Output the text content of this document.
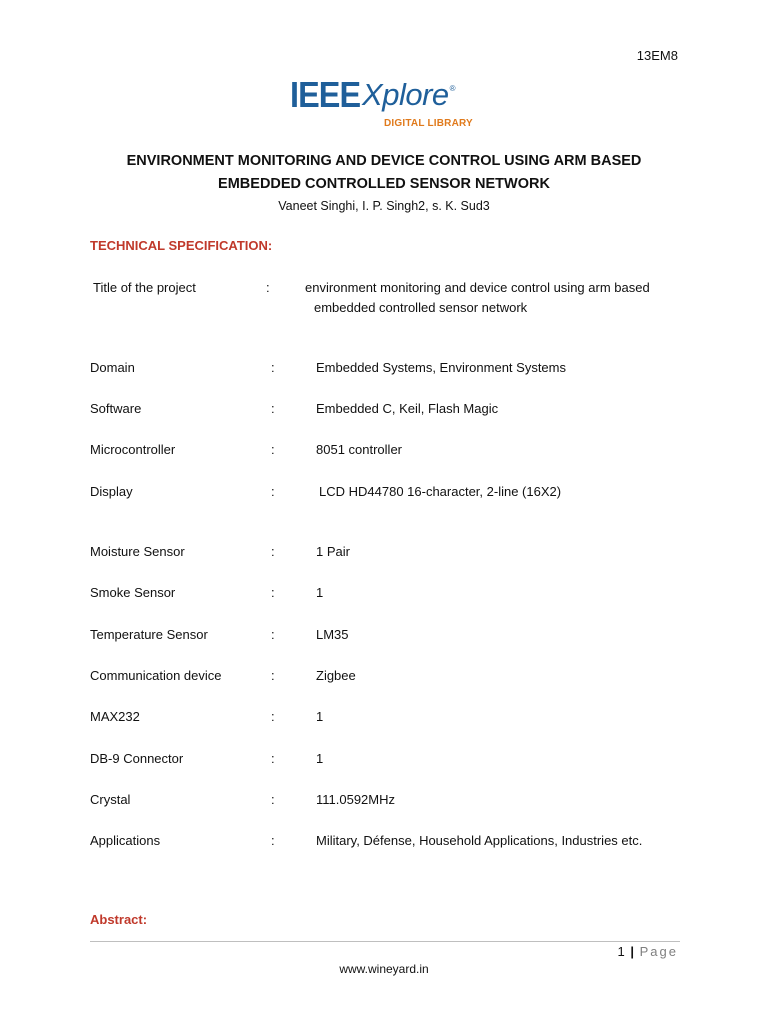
13EM8
IEEE Xplore ®
DIGITAL LIBRARY
ENVIRONMENT MONITORING AND DEVICE CONTROL USING ARM BASED
EMBEDDED CONTROLLED SENSOR NETWORK
Vaneet Singhi, I. P. Singh2, s. K. Sud3
TECHNICAL SPECIFICATION:
Title of the project	:	environment monitoring and device control using arm based
embedded controlled sensor network
Domain	:	Embedded Systems, Environment Systems
Software	:	Embedded C, Keil, Flash Magic
Microcontroller	:	8051 controller
Display	:	LCD HD44780 16-character, 2-line (16X2)
Moisture Sensor	:	1 Pair
Smoke Sensor	:	1
Temperature Sensor	:	LM35
Communication device	:	Zigbee
MAX232	:	1
DB-9 Connector	:	1
Crystal	:	111.0592MHz
Applications	:	Military, Défense, Household Applications, Industries etc.
Abstract:
1 | Page
www.wineyard.in
